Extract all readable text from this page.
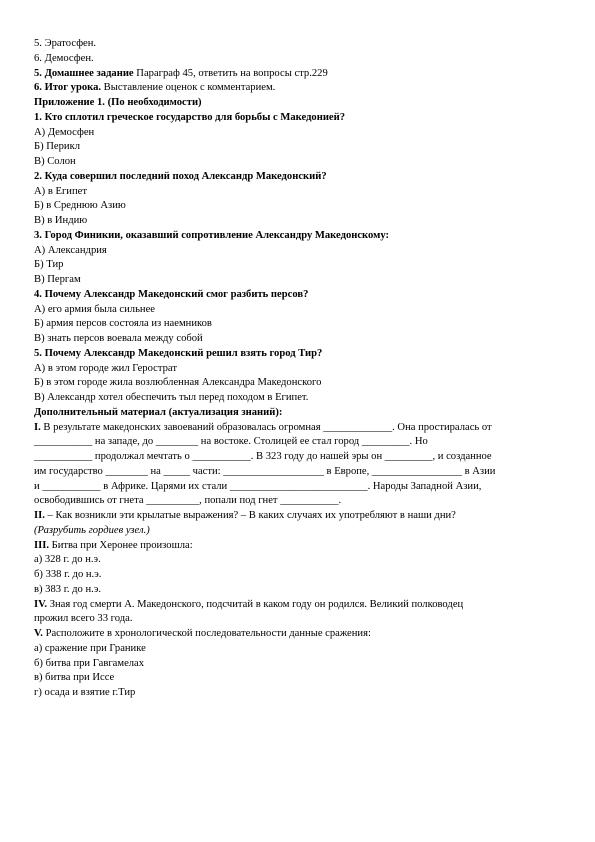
5. Эратосфен.

6. Демосфен.

5. Домашнее задание Параграф 45, ответить на вопросы стр.229

6. Итог урока. Выставление оценок с комментарием.

Приложение 1. (По необходимости)

1. Кто сплотил греческое государство для борьбы с Македонией?

А) Демосфен

Б) Перикл

В) Солон

2. Куда совершил последний поход Александр Македонский?

А) в Египет

Б) в Среднюю Азию

В) в Индию

3. Город Финикии, оказавший сопротивление Александру Македонскому:

А) Александрия

Б) Тир

В) Пергам

4. Почему Александр Македонский смог разбить персов?

А) его армия была сильнее

Б) армия персов состояла из наемников

В) знать персов воевала между собой

5. Почему Александр Македонский решил взять город Тир?

А) в этом городе жил Герострат

Б) в этом городе жила возлюбленная Александра Македонского

В) Александр хотел обеспечить тыл перед походом в Египет.

Дополнительный материал (актуализация знаний):

I. В результате македонских завоеваний образовалась огромная _____________. Она простиралась от

___________ на западе, до ________ на востоке. Столицей ее стал город _________. Но

___________ продолжал мечтать о ___________. В 323 году до нашей эры он _________, и созданное

им государство ________ на _____ части: ___________________ в Европе, _________________ в Азии

и ___________ в Африке. Царями их стали __________________________. Народы Западной Азии,

освободившись от гнета __________, попали под гнет ___________.

II. – Как возникли эти крылатые выражения? – В каких случаях их употребляют в наши дни?

(Разрубить гордиев узел.)

III. Битва при Херонее произошла:

а) 328 г. до н.э.

б) 338 г. до н.э.

в) 383 г. до н.э.

IV. Зная год смерти А. Македонского, подсчитай в каком году он родился. Великий полководец

прожил всего 33 года.

V. Расположите в хронологической последовательности данные сражения:

а) сражение при Гранике

б) битва при Гавгамелах

в) битва при Иссе

г) осада и взятие г.Тир
